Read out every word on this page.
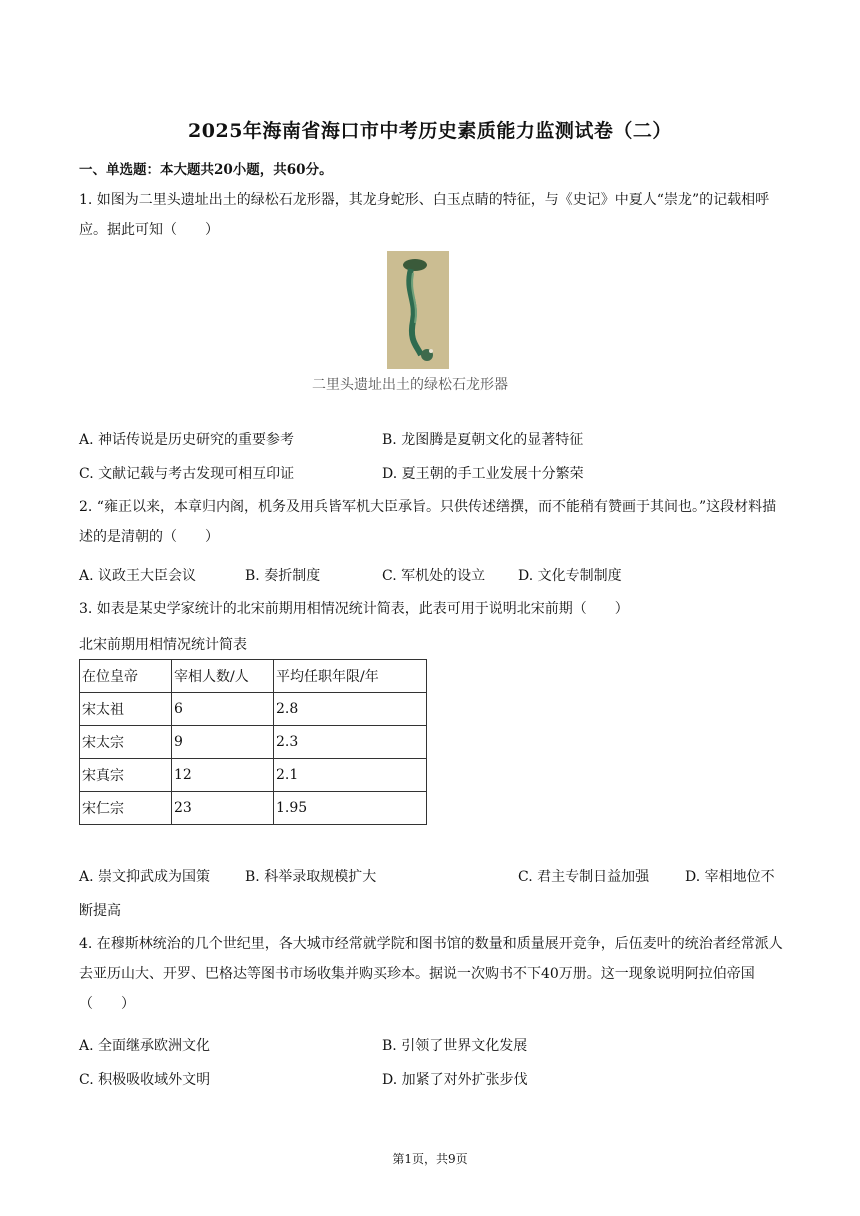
2025年海南省海口市中考历史素质能力监测试卷（二）
一、单选题：本大题共20小题，共60分。
1. 如图为二里头遗址出土的绿松石龙形器，其龙身蛇形、白玉点睛的特征，与《史记》中夏人“崇龙”的记载相呼应。据此可知（　　）
二里头遗址出土的绿松石龙形器
A. 神话传说是历史研究的重要参考	B. 龙图腾是夏朝文化的显著特征
C. 文献记载与考古发现可相互印证	D. 夏王朝的手工业发展十分繁荣
2. “雍正以来，本章归内阁，机务及用兵皆军机大臣承旨。只供传述缮撰，而不能稍有赞画于其间也。”这段材料描述的是清朝的（　　）
A. 议政王大臣会议	B. 奏折制度	C. 军机处的设立 D. 文化专制制度
3. 如表是某史学家统计的北宋前期用相情况统计简表，此表可用于说明北宋前期（　　）
北宋前期用相情况统计简表
在位皇帝	宰相人数/人	平均任职年限/年
宋太祖	6	2.8
宋太宗	9	2.3
宋真宗	12	2.1
宋仁宗	23	1.95
A. 崇文抑武成为国策 B. 科举录取规模扩大	C. 君主专制日益加强	D. 宰相地位不
断提高
4. 在穆斯林统治的几个世纪里，各大城市经常就学院和图书馆的数量和质量展开竞争，后伍麦叶的统治者经常派人去亚历山大、开罗、巴格达等图书市场收集并购买珍本。据说一次购书不下40万册。这一现象说明阿拉伯帝国（　　）
A. 全面继承欧洲文化	B. 引领了世界文化发展
C. 积极吸收域外文明	D. 加紧了对外扩张步伐
第1页，共9页
